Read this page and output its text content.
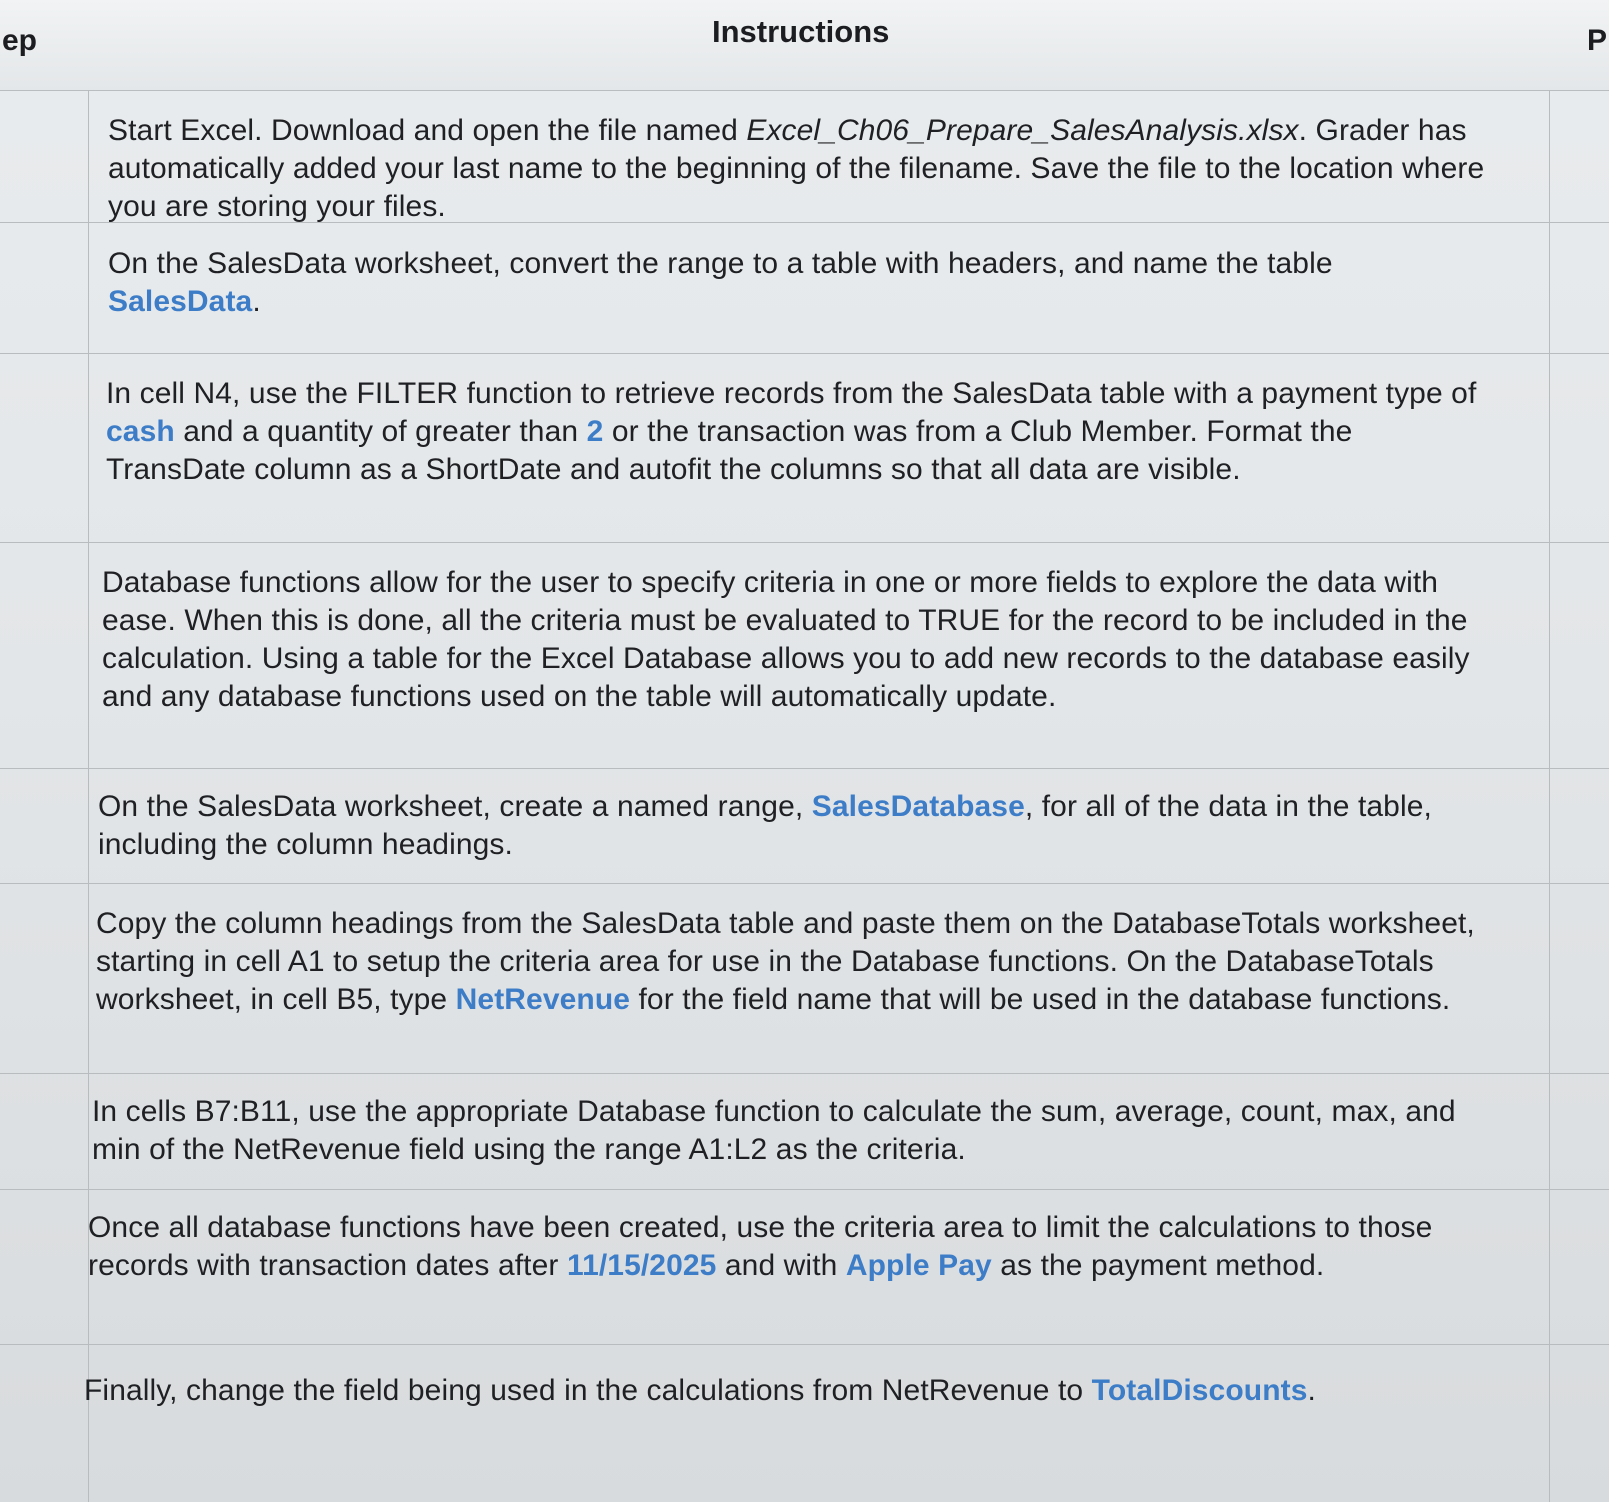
ep	Instructions	P
Start Excel. Download and open the file named Excel_Ch06_Prepare_SalesAnalysis.xlsx. Grader has automatically added your last name to the beginning of the filename. Save the file to the location where you are storing your files.
On the SalesData worksheet, convert the range to a table with headers, and name the table SalesData.
In cell N4, use the FILTER function to retrieve records from the SalesData table with a payment type of cash and a quantity of greater than 2 or the transaction was from a Club Member. Format the TransDate column as a ShortDate and autofit the columns so that all data are visible.
Database functions allow for the user to specify criteria in one or more fields to explore the data with ease. When this is done, all the criteria must be evaluated to TRUE for the record to be included in the calculation. Using a table for the Excel Database allows you to add new records to the database easily and any database functions used on the table will automatically update.
On the SalesData worksheet, create a named range, SalesDatabase, for all of the data in the table, including the column headings.
Copy the column headings from the SalesData table and paste them on the DatabaseTotals worksheet, starting in cell A1 to setup the criteria area for use in the Database functions. On the DatabaseTotals worksheet, in cell B5, type NetRevenue for the field name that will be used in the database functions.
In cells B7:B11, use the appropriate Database function to calculate the sum, average, count, max, and min of the NetRevenue field using the range A1:L2 as the criteria.
Once all database functions have been created, use the criteria area to limit the calculations to those records with transaction dates after 11/15/2025 and with Apple Pay as the payment method.
Finally, change the field being used in the calculations from NetRevenue to TotalDiscounts.
